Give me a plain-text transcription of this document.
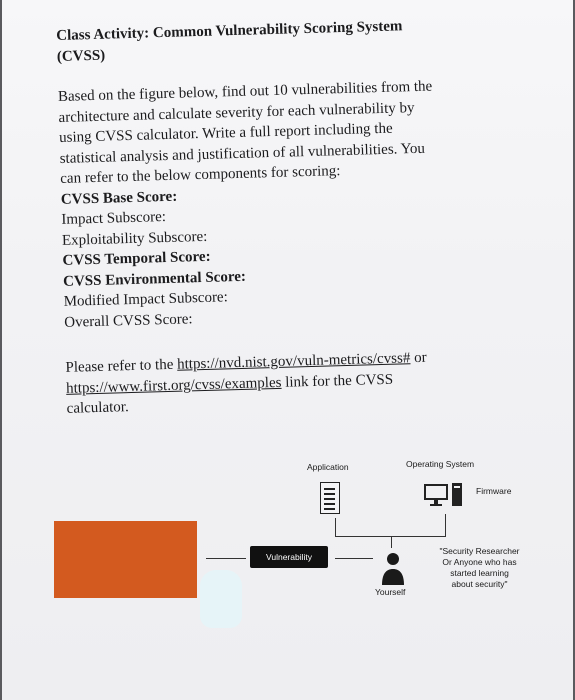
Class Activity: Common Vulnerability Scoring System
(CVSS)
Based on the figure below, find out 10 vulnerabilities from the
architecture and calculate severity for each vulnerability by
using CVSS calculator. Write a full report including the
statistical analysis and justification of all vulnerabilities. You
can refer to the below components for scoring:
CVSS Base Score:
Impact Subscore:
Exploitability Subscore:
CVSS Temporal Score:
CVSS Environmental Score:
Modified Impact Subscore:
Overall CVSS Score:
Please refer to the https://nvd.nist.gov/vuln-metrics/cvss# or
https://www.first.org/cvss/examples link for the CVSS
calculator.
Application	Operating System
Firmware
Vulnerability
Yourself
"Security Researcher
Or Anyone who has
started learning
about security"
